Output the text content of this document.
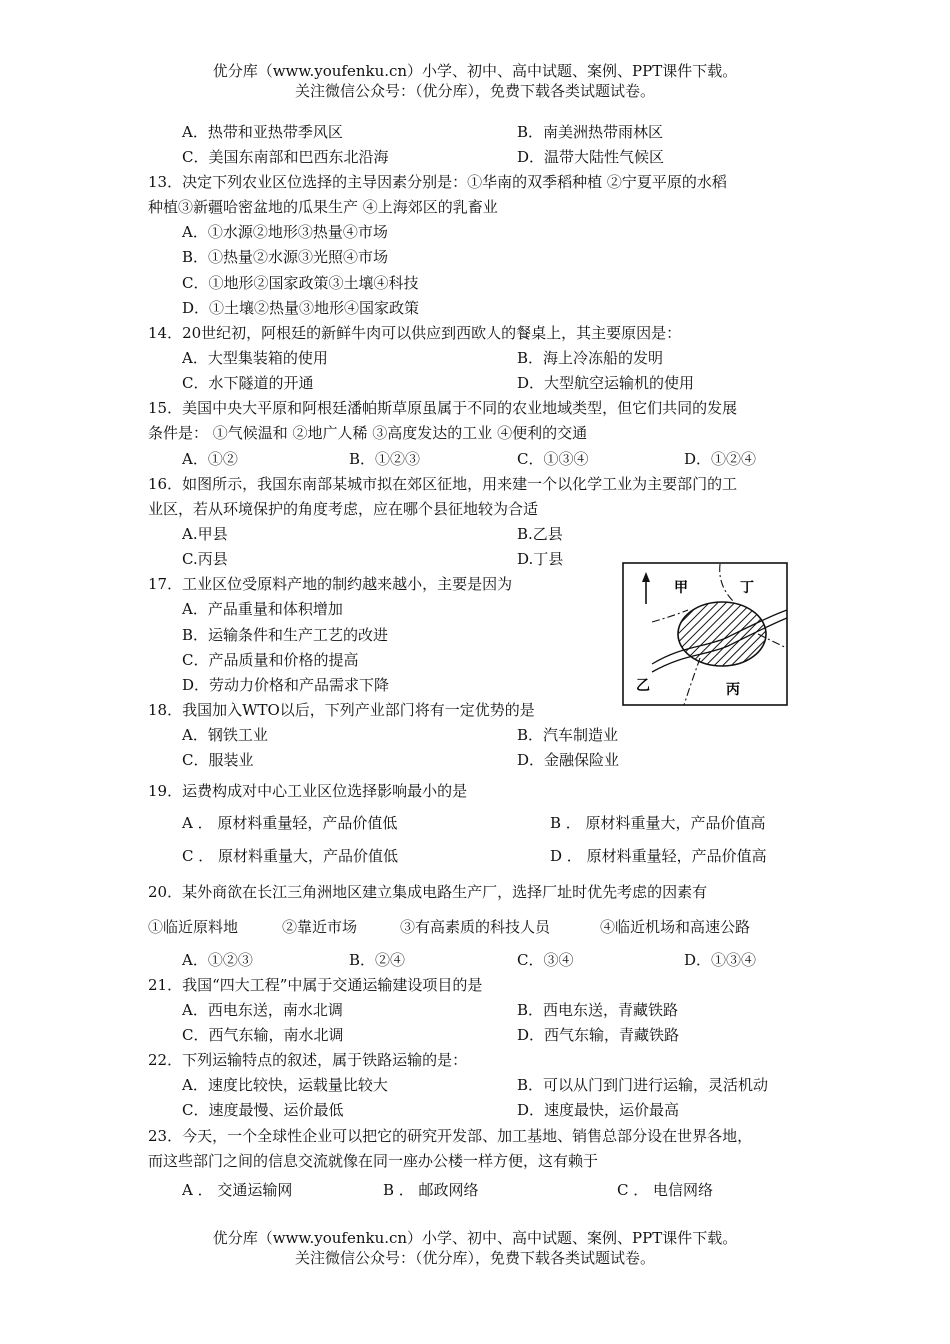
优分库（www.youfenku.cn）小学、初中、高中试题、案例、PPT课件下载。
关注微信公众号：（优分库），免费下载各类试题试卷。
A．热带和亚热带季风区	B．南美洲热带雨林区
C．美国东南部和巴西东北沿海	D．温带大陆性气候区
13．决定下列农业区位选择的主导因素分别是：①华南的双季稻种植 ②宁夏平原的水稻
种植③新疆哈密盆地的瓜果生产 ④上海郊区的乳畜业
A．①水源②地形③热量④市场
B．①热量②水源③光照④市场
C．①地形②国家政策③土壤④科技
D．①土壤②热量③地形④国家政策
14．20世纪初，阿根廷的新鲜牛肉可以供应到西欧人的餐桌上，其主要原因是：
A．大型集装箱的使用	B．海上冷冻船的发明
C．水下隧道的开通	D．大型航空运输机的使用
15．美国中央大平原和阿根廷潘帕斯草原虽属于不同的农业地域类型，但它们共同的发展
条件是： ①气候温和 ②地广人稀 ③高度发达的工业 ④便利的交通
A．①②	B．①②③	C．①③④	D．①②④
16．如图所示，我国东南部某城市拟在郊区征地，用来建一个以化学工业为主要部门的工
业区，若从环境保护的角度考虑，应在哪个县征地较为合适
A.甲县	B.乙县
C.丙县	D.丁县
17．工业区位受原料产地的制约越来越小，主要是因为
A．产品重量和体积增加
B．运输条件和生产工艺的改进
C．产品质量和价格的提高
D．劳动力价格和产品需求下降
甲	丁
乙	丙
18．我国加入WTO以后，下列产业部门将有一定优势的是
A．钢铁工业	B．汽车制造业
C．服装业	D．金融保险业
19．运费构成对中心工业区位选择影响最小的是
A ． 原材料重量轻，产品价值低	B ． 原材料重量大，产品价值高
C ． 原材料重量大，产品价值低	D ． 原材料重量轻，产品价值高
20．某外商欲在长江三角洲地区建立集成电路生产厂，选择厂址时优先考虑的因素有
①临近原料地	②靠近市场	③有高素质的科技人员	④临近机场和高速公路
A．①②③	B．②④	C．③④	D．①③④
21．我国“四大工程”中属于交通运输建设项目的是
A．西电东送，南水北调	B．西电东送，青藏铁路
C．西气东输，南水北调	D．西气东输，青藏铁路
22．下列运输特点的叙述，属于铁路运输的是：
A．速度比较快，运载量比较大	B．可以从门到门进行运输，灵活机动
C．速度最慢、运价最低	D．速度最快，运价最高
23．今天，一个全球性企业可以把它的研究开发部、加工基地、销售总部分设在世界各地，
而这些部门之间的信息交流就像在同一座办公楼一样方便，这有赖于
A ． 交通运输网	B ． 邮政网络	C ． 电信网络
优分库（www.youfenku.cn）小学、初中、高中试题、案例、PPT课件下载。
关注微信公众号：（优分库），免费下载各类试题试卷。
